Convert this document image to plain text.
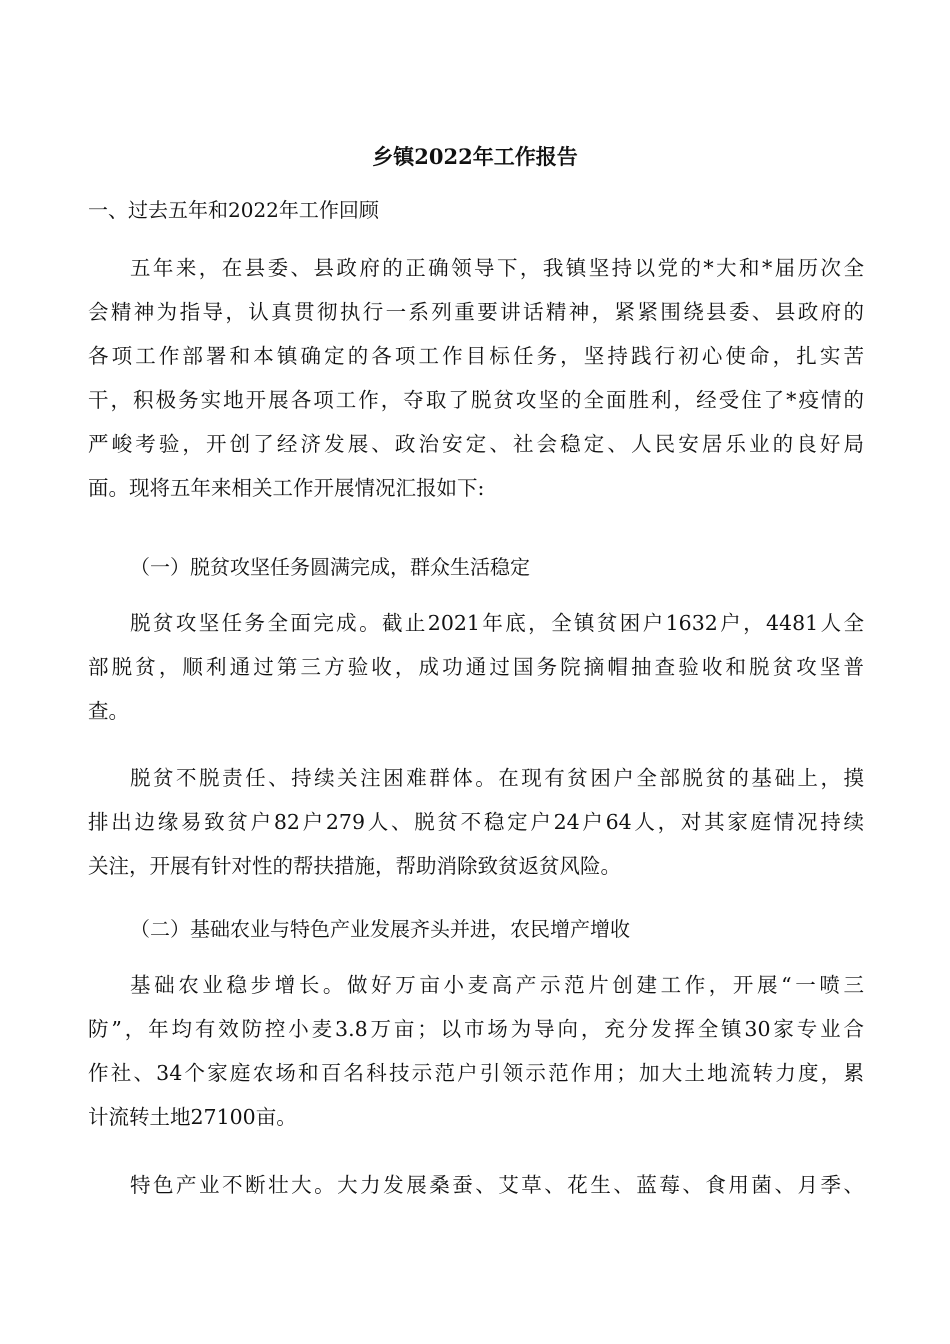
乡镇2022年工作报告
一、过去五年和2022年工作回顾
五年来，在县委、县政府的正确领导下，我镇坚持以党的*大和*届历次全
会精神为指导，认真贯彻执行一系列重要讲话精神，紧紧围绕县委、县政府的
各项工作部署和本镇确定的各项工作目标任务，坚持践行初心使命，扎实苦
干，积极务实地开展各项工作，夺取了脱贫攻坚的全面胜利，经受住了*疫情的
严峻考验，开创了经济发展、政治安定、社会稳定、人民安居乐业的良好局
面。现将五年来相关工作开展情况汇报如下:
（一）脱贫攻坚任务圆满完成，群众生活稳定
脱贫攻坚任务全面完成。截止2021年底，全镇贫困户1632户，4481人全
部脱贫，顺利通过第三方验收，成功通过国务院摘帽抽查验收和脱贫攻坚普
查。
脱贫不脱责任、持续关注困难群体。在现有贫困户全部脱贫的基础上，摸
排出边缘易致贫户82户279人、脱贫不稳定户24户64人，对其家庭情况持续
关注，开展有针对性的帮扶措施，帮助消除致贫返贫风险。
（二）基础农业与特色产业发展齐头并进，农民增产增收
基础农业稳步增长。做好万亩小麦高产示范片创建工作，开展“一喷三
防”，年均有效防控小麦3.8万亩；以市场为导向，充分发挥全镇30家专业合
作社、34个家庭农场和百名科技示范户引领示范作用；加大土地流转力度，累
计流转土地27100亩。
特色产业不断壮大。大力发展桑蚕、艾草、花生、蓝莓、食用菌、月季、
